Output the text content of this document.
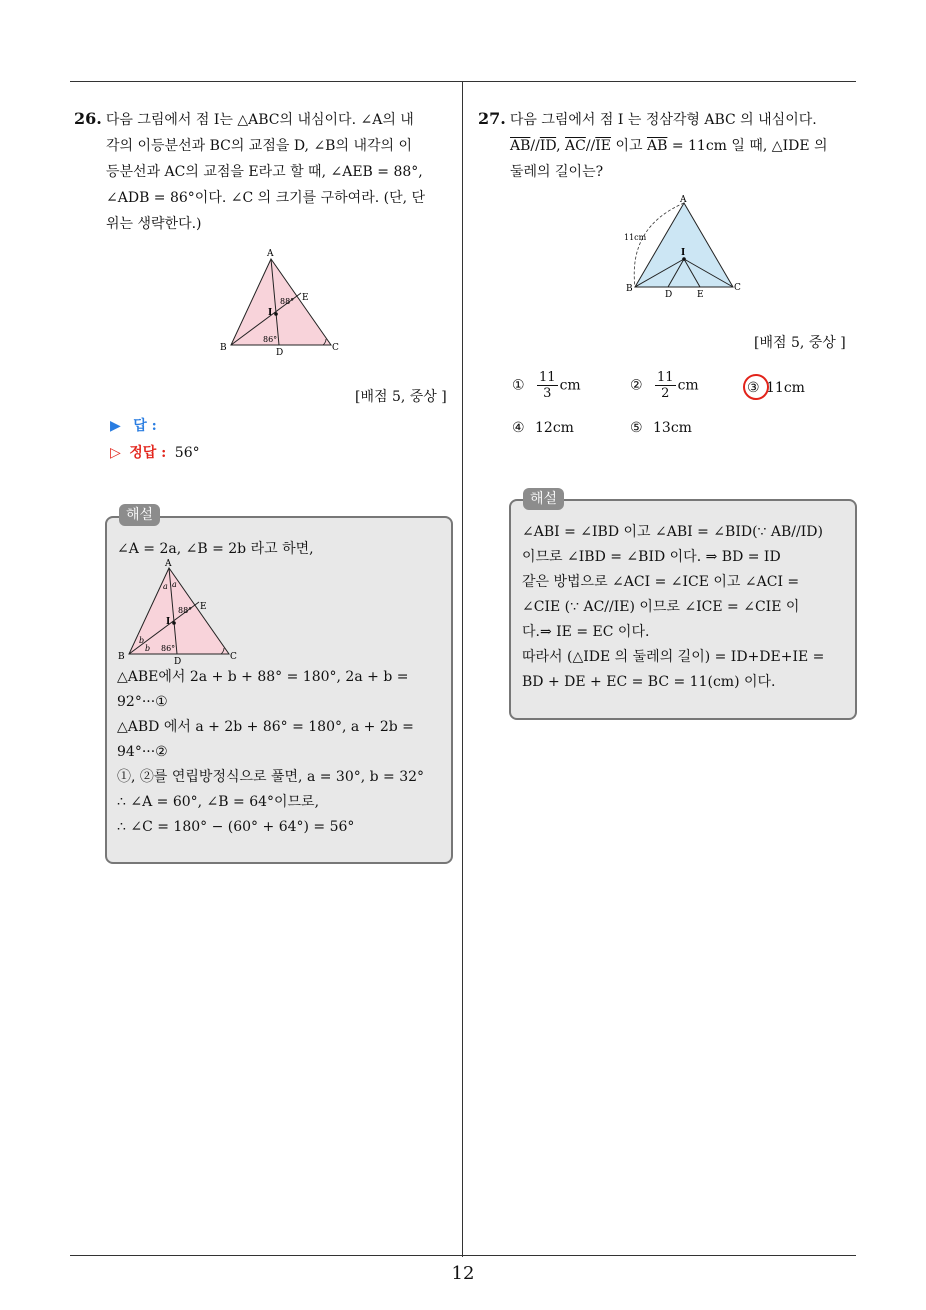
12
26. 다음 그림에서 점 I는 △ABC의 내심이다. ∠A의 내
각의 이등분선과 BC의 교점을 D, ∠B의 내각의 이
등분선과 AC의 교점을 E라고 할 때, ∠AEB = 88°,
∠ADB = 86°이다. ∠C 의 크기를 구하여라. (단, 단
위는 생략한다.)
A
B	C
D
E
I
88°
86°
[배점 5, 중상 ]
▶ 답 :
▷ 정답 : 56°
해설
∠A = 2a, ∠B = 2b 라고 하면,
A
B	C
D
E
I
88°
86°
a a
b
b
△ABE에서 2a + b + 88° = 180°, 2a + b =
92°···①
△ABD 에서 a + 2b + 86° = 180°, a + 2b =
94°···②
①, ②를 연립방정식으로 풀면, a = 30°, b = 32°
∴ ∠A = 60°, ∠B = 64°이므로,
∴ ∠C = 180° − (60° + 64°) = 56°
27. 다음 그림에서 점 I 는 정삼각형 ABC 의 내심이다.
$\overline{AB}//\overline{ID}$, $\overline{AC}//\overline{IE}$ 이고 $\overline{AB} = 11cm$ 일 때, △IDE 의
둘레의 길이는?
A
B	C
D	E
I
11cm
[배점 5, 중상 ]
① $\frac{11}{3}$ cm	② $\frac{11}{2}$ cm	③ 11cm
④ 12cm	⑤ 13cm
해설
∠ABI = ∠IBD 이고 ∠ABI = ∠BID(∵ AB//ID)
이므로 ∠IBD = ∠BID 이다. ⇒ BD = ID
같은 방법으로 ∠ACI = ∠ICE 이고 ∠ACI =
∠CIE (∵ AC//IE) 이므로 ∠ICE = ∠CIE 이
다.⇒ IE = EC 이다.
따라서 (△IDE 의 둘레의 길이) = ID+DE+IE =
BD + DE + EC = BC = 11(cm) 이다.
